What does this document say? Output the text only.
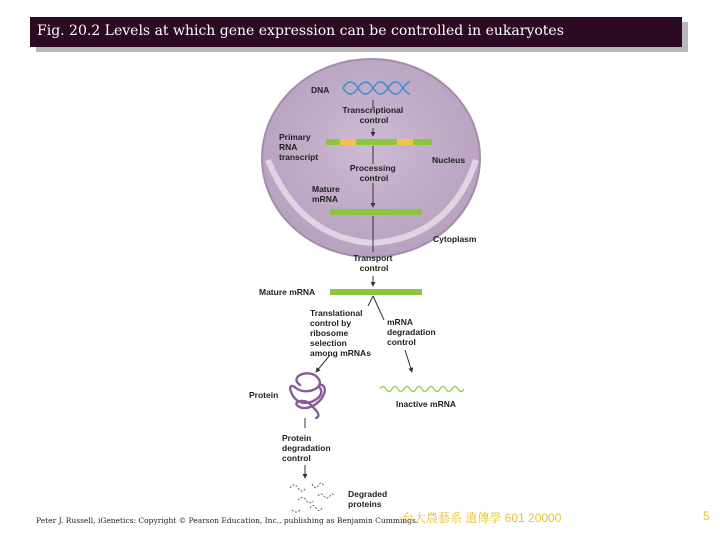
Fig. 20.2 Levels at which gene expression can be controlled in eukaryotes
DNA
Transcriptional control
Primary RNA transcript	Nucleus
Processing control
Mature mRNA
Cytoplasm
Transport control
Mature mRNA
Translational control by ribosome selection among mRNAs
mRNA degradation control
Protein
Inactive mRNA
Protein degradation control
Degraded proteins
Peter J. Russell, iGenetics: Copyright © Pearson Education, Inc., publishing as Benjamin Cummings.
台大農藝系 遺傳學 601 20000	5
